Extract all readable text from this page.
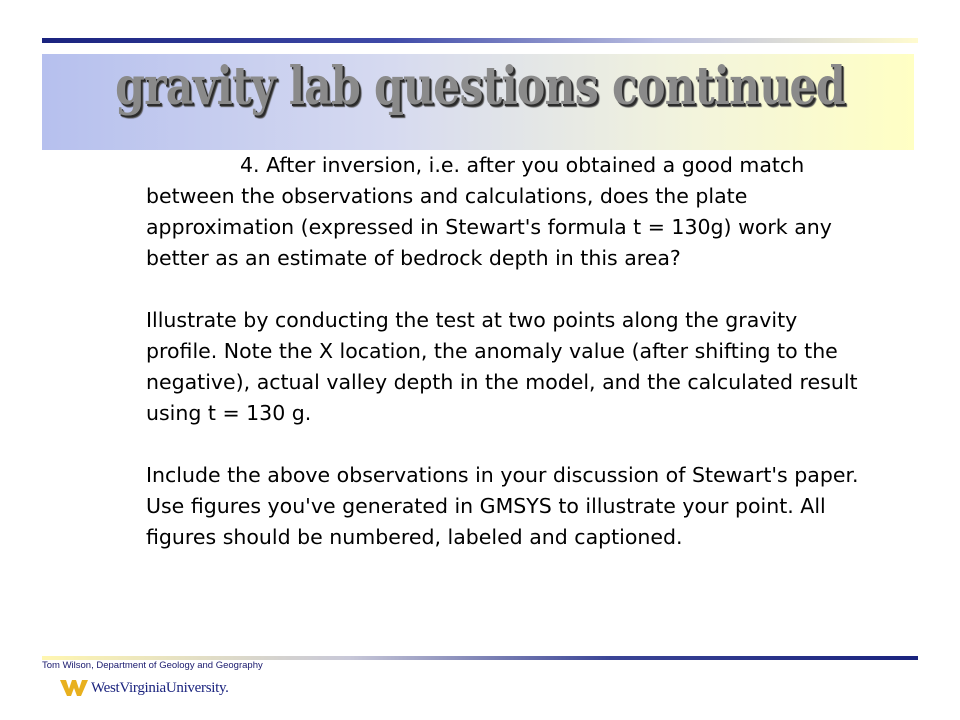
gravity lab questions continued

4. After inversion, i.e. after you obtained a good match between the observations and calculations, does the plate approximation (expressed in Stewart's formula t = 130g) work any better as an estimate of bedrock depth in this area?

Illustrate by conducting the test at two points along the gravity profile. Note the X location, the anomaly value (after shifting to the negative), actual valley depth in the model, and the calculated result using t = 130 g.

Include the above observations in your discussion of Stewart's paper. Use figures you've generated in GMSYS to illustrate your point. All figures should be numbered, labeled and captioned.

Tom Wilson, Department of Geology and Geography
WestVirginiaUniversity.
